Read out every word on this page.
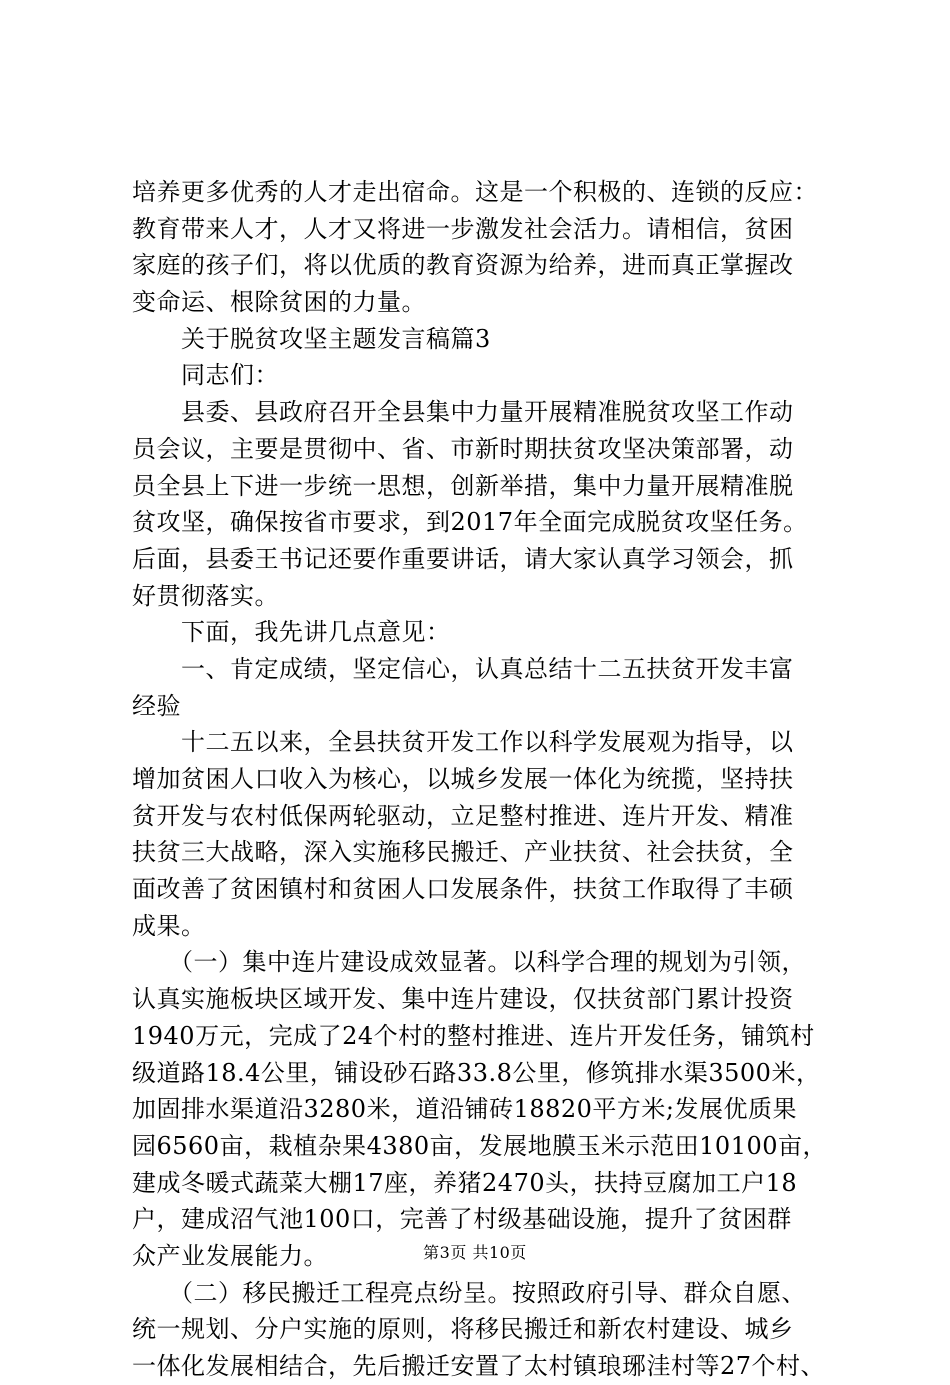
培养更多优秀的人才走出宿命。这是一个积极的、连锁的反应：
教育带来人才，人才又将进一步激发社会活力。请相信，贫困
家庭的孩子们，将以优质的教育资源为给养，进而真正掌握改
变命运、根除贫困的力量。
　　关于脱贫攻坚主题发言稿篇3
　　同志们：
　　县委、县政府召开全县集中力量开展精准脱贫攻坚工作动
员会议，主要是贯彻中、省、市新时期扶贫攻坚决策部署，动
员全县上下进一步统一思想，创新举措，集中力量开展精准脱
贫攻坚，确保按省市要求，到2017年全面完成脱贫攻坚任务。
后面，县委王书记还要作重要讲话，请大家认真学习领会，抓
好贯彻落实。
　　下面，我先讲几点意见：
　　一、肯定成绩，坚定信心，认真总结十二五扶贫开发丰富
经验
　　十二五以来，全县扶贫开发工作以科学发展观为指导，以
增加贫困人口收入为核心，以城乡发展一体化为统揽，坚持扶
贫开发与农村低保两轮驱动，立足整村推进、连片开发、精准
扶贫三大战略，深入实施移民搬迁、产业扶贫、社会扶贫，全
面改善了贫困镇村和贫困人口发展条件，扶贫工作取得了丰硕
成果。
　　（一）集中连片建设成效显著。以科学合理的规划为引领，
认真实施板块区域开发、集中连片建设，仅扶贫部门累计投资
1940万元，完成了24个村的整村推进、连片开发任务，铺筑村
级道路18.4公里，铺设砂石路33.8公里，修筑排水渠3500米，
加固排水渠道沿3280米，道沿铺砖18820平方米;发展优质果
园6560亩，栽植杂果4380亩，发展地膜玉米示范田10100亩，
建成冬暖式蔬菜大棚17座，养猪2470头，扶持豆腐加工户18
户，建成沼气池100口，完善了村级基础设施，提升了贫困群
众产业发展能力。
　　（二）移民搬迁工程亮点纷呈。按照政府引导、群众自愿、
统一规划、分户实施的原则，将移民搬迁和新农村建设、城乡
一体化发展相结合，先后搬迁安置了太村镇琅琊洼村等27个村、
第3页 共10页
